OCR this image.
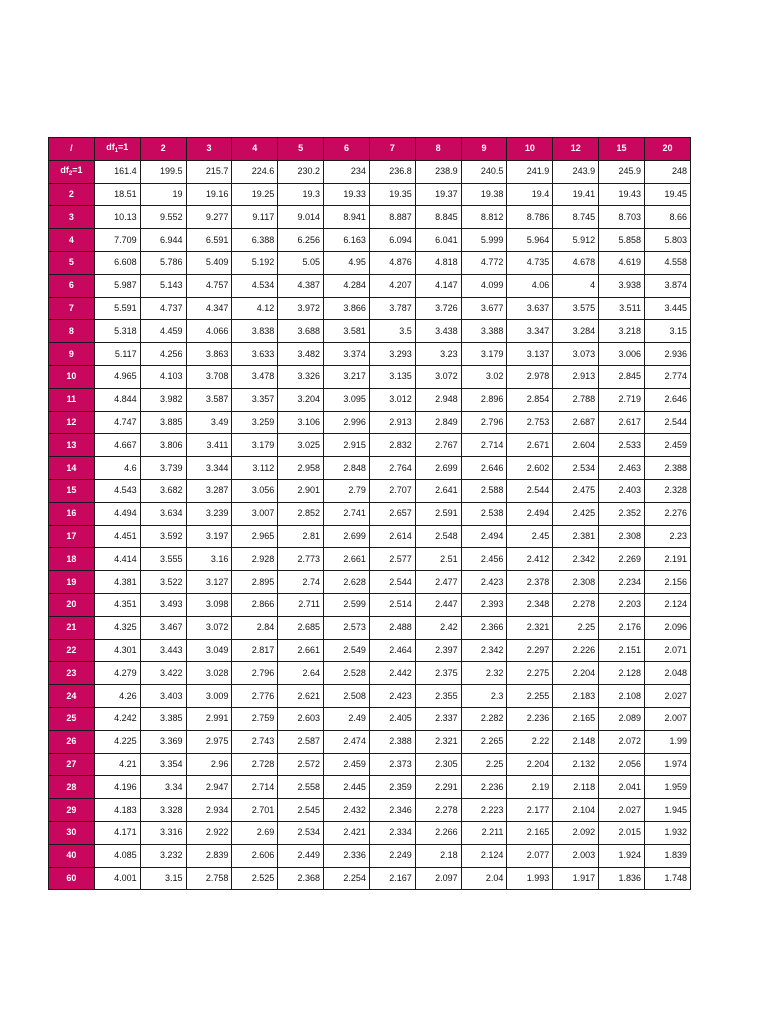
/	$df_1=1$	2	3	4	5	6	7	8	9	10	12	15	20
$df_2=1$	161.4	199.5	215.7	224.6	230.2	234	236.8	238.9	240.5	241.9	243.9	245.9	248
2	18.51	19	19.16	19.25	19.3	19.33	19.35	19.37	19.38	19.4	19.41	19.43	19.45
3	10.13	9.552	9.277	9.117	9.014	8.941	8.887	8.845	8.812	8.786	8.745	8.703	8.66
4	7.709	6.944	6.591	6.388	6.256	6.163	6.094	6.041	5.999	5.964	5.912	5.858	5.803
5	6.608	5.786	5.409	5.192	5.05	4.95	4.876	4.818	4.772	4.735	4.678	4.619	4.558
6	5.987	5.143	4.757	4.534	4.387	4.284	4.207	4.147	4.099	4.06	4	3.938	3.874
7	5.591	4.737	4.347	4.12	3.972	3.866	3.787	3.726	3.677	3.637	3.575	3.511	3.445
8	5.318	4.459	4.066	3.838	3.688	3.581	3.5	3.438	3.388	3.347	3.284	3.218	3.15
9	5.117	4.256	3.863	3.633	3.482	3.374	3.293	3.23	3.179	3.137	3.073	3.006	2.936
10	4.965	4.103	3.708	3.478	3.326	3.217	3.135	3.072	3.02	2.978	2.913	2.845	2.774
11	4.844	3.982	3.587	3.357	3.204	3.095	3.012	2.948	2.896	2.854	2.788	2.719	2.646
12	4.747	3.885	3.49	3.259	3.106	2.996	2.913	2.849	2.796	2.753	2.687	2.617	2.544
13	4.667	3.806	3.411	3.179	3.025	2.915	2.832	2.767	2.714	2.671	2.604	2.533	2.459
14	4.6	3.739	3.344	3.112	2.958	2.848	2.764	2.699	2.646	2.602	2.534	2.463	2.388
15	4.543	3.682	3.287	3.056	2.901	2.79	2.707	2.641	2.588	2.544	2.475	2.403	2.328
16	4.494	3.634	3.239	3.007	2.852	2.741	2.657	2.591	2.538	2.494	2.425	2.352	2.276
17	4.451	3.592	3.197	2.965	2.81	2.699	2.614	2.548	2.494	2.45	2.381	2.308	2.23
18	4.414	3.555	3.16	2.928	2.773	2.661	2.577	2.51	2.456	2.412	2.342	2.269	2.191
19	4.381	3.522	3.127	2.895	2.74	2.628	2.544	2.477	2.423	2.378	2.308	2.234	2.156
20	4.351	3.493	3.098	2.866	2.711	2.599	2.514	2.447	2.393	2.348	2.278	2.203	2.124
21	4.325	3.467	3.072	2.84	2.685	2.573	2.488	2.42	2.366	2.321	2.25	2.176	2.096
22	4.301	3.443	3.049	2.817	2.661	2.549	2.464	2.397	2.342	2.297	2.226	2.151	2.071
23	4.279	3.422	3.028	2.796	2.64	2.528	2.442	2.375	2.32	2.275	2.204	2.128	2.048
24	4.26	3.403	3.009	2.776	2.621	2.508	2.423	2.355	2.3	2.255	2.183	2.108	2.027
25	4.242	3.385	2.991	2.759	2.603	2.49	2.405	2.337	2.282	2.236	2.165	2.089	2.007
26	4.225	3.369	2.975	2.743	2.587	2.474	2.388	2.321	2.265	2.22	2.148	2.072	1.99
27	4.21	3.354	2.96	2.728	2.572	2.459	2.373	2.305	2.25	2.204	2.132	2.056	1.974
28	4.196	3.34	2.947	2.714	2.558	2.445	2.359	2.291	2.236	2.19	2.118	2.041	1.959
29	4.183	3.328	2.934	2.701	2.545	2.432	2.346	2.278	2.223	2.177	2.104	2.027	1.945
30	4.171	3.316	2.922	2.69	2.534	2.421	2.334	2.266	2.211	2.165	2.092	2.015	1.932
40	4.085	3.232	2.839	2.606	2.449	2.336	2.249	2.18	2.124	2.077	2.003	1.924	1.839
60	4.001	3.15	2.758	2.525	2.368	2.254	2.167	2.097	2.04	1.993	1.917	1.836	1.748
